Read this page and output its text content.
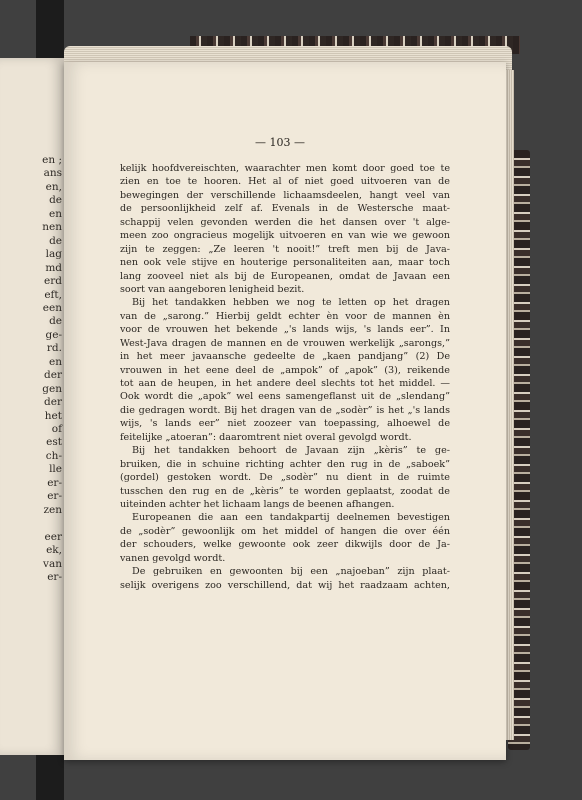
en ;
ans
en,
de
en
nen
de
lag
md
erd
eft,
een
de
ge-
rd.
en
der
gen
der
het
of
est
ch-
lle
er-
er-
zen
eer
ek,
van
er-
— 103 —
kelijk hoofdvereischten, waarachter men komt door goed toe te
zien en toe te hooren. Het al of niet goed uitvoeren van de
bewegingen der verschillende lichaamsdeelen, hangt veel van
de persoonlijkheid zelf af. Evenals in de Westersche maat-
schappij velen gevonden werden die het dansen over 't alge-
meen zoo ongracieus mogelijk uitvoeren en van wie we gewoon
zijn te zeggen: „Ze leeren 't nooit!” treft men bij de Java-
nen ook vele stijve en houterige personaliteiten aan, maar toch
lang zooveel niet als bij de Europeanen, omdat de Javaan een
soort van aangeboren lenigheid bezit.
Bij het tandakken hebben we nog te letten op het dragen
van de „sarong.” Hierbij geldt echter èn voor de mannen èn
voor de vrouwen het bekende „'s lands wijs, 's lands eer”. In
West-Java dragen de mannen en de vrouwen werkelijk „sarongs,”
in het meer javaansche gedeelte de „kaen pandjang” (2) De
vrouwen in het eene deel de „ampok” of „apok” (3), reikende
tot aan de heupen, in het andere deel slechts tot het middel. —
Ook wordt die „apok” wel eens samengeflanst uit de „slendang”
die gedragen wordt. Bij het dragen van de „sodèr” is het „'s lands
wijs, 's lands eer” niet zoozeer van toepassing, alhoewel de
feitelijke „atoeran”: daaromtrent niet overal gevolgd wordt.
Bij het tandakken behoort de Javaan zijn „kèris” te ge-
bruiken, die in schuine richting achter den rug in de „saboek”
(gordel) gestoken wordt. De „sodèr” nu dient in de ruimte
tusschen den rug en de „kèris” te worden geplaatst, zoodat de
uiteinden achter het lichaam langs de beenen afhangen.
Europeanen die aan een tandakpartij deelnemen bevestigen
de „sodèr” gewoonlijk om het middel of hangen die over één
der schouders, welke gewoonte ook zeer dikwijls door de Ja-
vanen gevolgd wordt.
De gebruiken en gewoonten bij een „najoeban” zijn plaat-
selijk overigens zoo verschillend, dat wij het raadzaam achten,
